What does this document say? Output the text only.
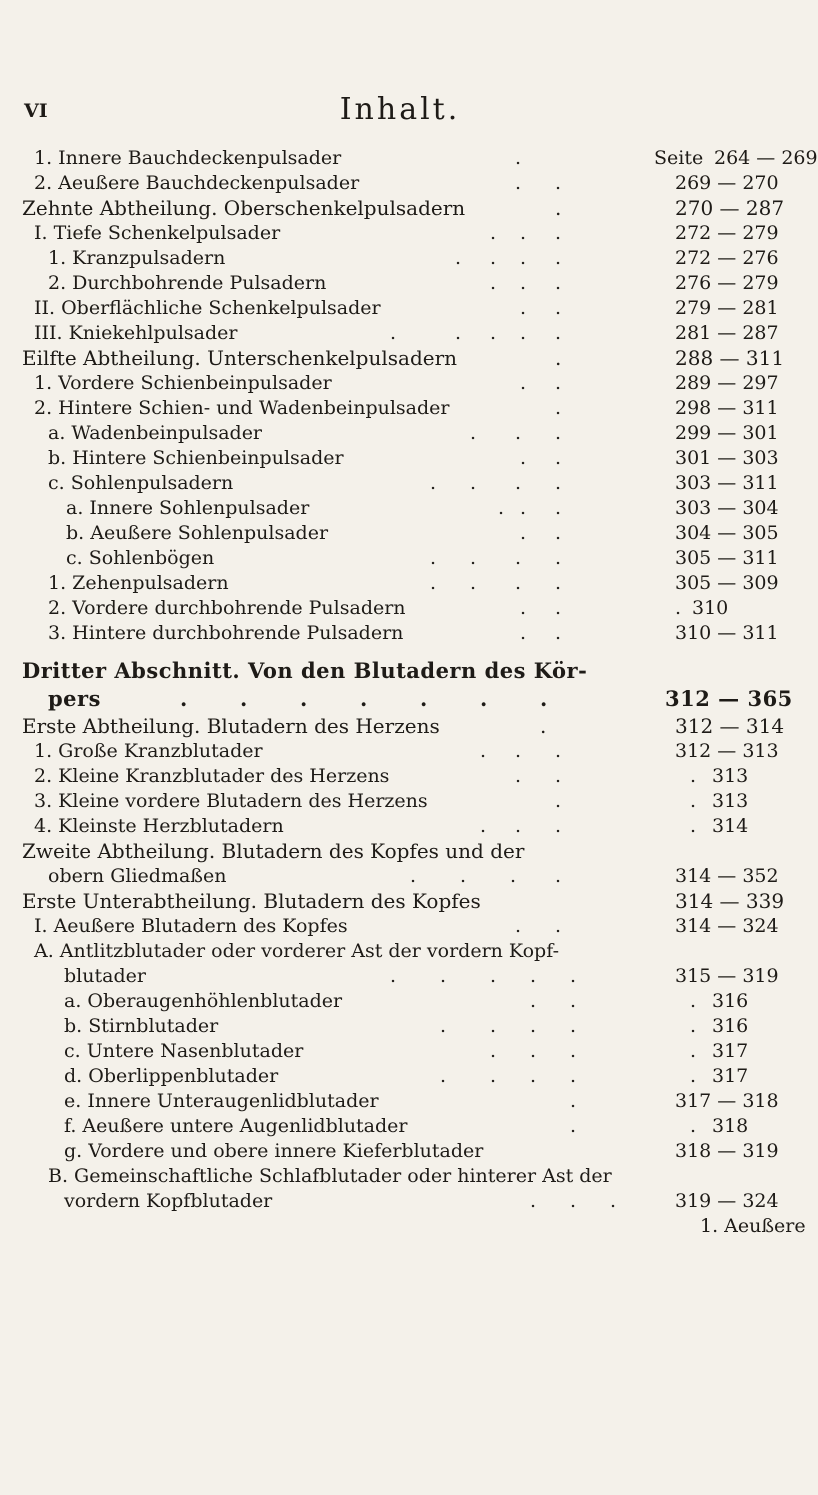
VI	Inhalt.
1. Innere Bauchdeckenpulsader	.	Seite 264 — 269
2. Aeußere Bauchdeckenpulsader	. .	269 — 270
Zehnte Abtheilung. Oberschenkelpulsadern	.	270 — 287
I. Tiefe Schenkelpulsader	. . .	272 — 279
1. Kranzpulsadern	. . . .	272 — 276
2. Durchbohrende Pulsadern	. . .	276 — 279
II. Oberflächliche Schenkelpulsader	. .	279 — 281
III. Kniekehlpulsader	.	. . . .	281 — 287
Eilfte Abtheilung. Unterschenkelpulsadern	.	288 — 311
1. Vordere Schienbeinpulsader	. .	289 — 297
2. Hintere Schien- und Wadenbeinpulsader	.	298 — 311
a. Wadenbeinpulsader	. . .	299 — 301
b. Hintere Schienbeinpulsader	. .	301 — 303
c. Sohlenpulsadern	. . . .	303 — 311
a. Innere Sohlenpulsader	. . .	303 — 304
b. Aeußere Sohlenpulsader	. .	304 — 305
c. Sohlenbögen	. . . .	305 — 311
1. Zehenpulsadern	. . . .	305 — 309
2. Vordere durchbohrende Pulsadern	. .	. 310
3. Hintere durchbohrende Pulsadern	. .	310 — 311
Dritter Abschnitt. Von den Blutadern des Kör-
pers	. . . . . . .	312 — 365
Erste Abtheilung. Blutadern des Herzens	.	312 — 314
1. Große Kranzblutader	. . .	312 — 313
2. Kleine Kranzblutader des Herzens	. .	. 313
3. Kleine vordere Blutadern des Herzens	.	. 313
4. Kleinste Herzblutadern	. . .	. 314
Zweite Abtheilung. Blutadern des Kopfes und der
obern Gliedmaßen	. . . .	314 — 352
Erste Unterabtheilung. Blutadern des Kopfes	314 — 339
I. Aeußere Blutadern des Kopfes	. .	314 — 324
A. Antlitzblutader oder vorderer Ast der vordern Kopf-
blutader	. . . . .	315 — 319
a. Oberaugenhöhlenblutader	. .	. 316
b. Stirnblutader	. . . .	. 316
c. Untere Nasenblutader	. . .	. 317
d. Oberlippenblutader	. . . .	. 317
e. Innere Unteraugenlidblutader	.	317 — 318
f. Aeußere untere Augenlidblutader	.	. 318
g. Vordere und obere innere Kieferblutader	318 — 319
B. Gemeinschaftliche Schlafblutader oder hinterer Ast der
vordern Kopfblutader	. . .	319 — 324
1. Aeußere
